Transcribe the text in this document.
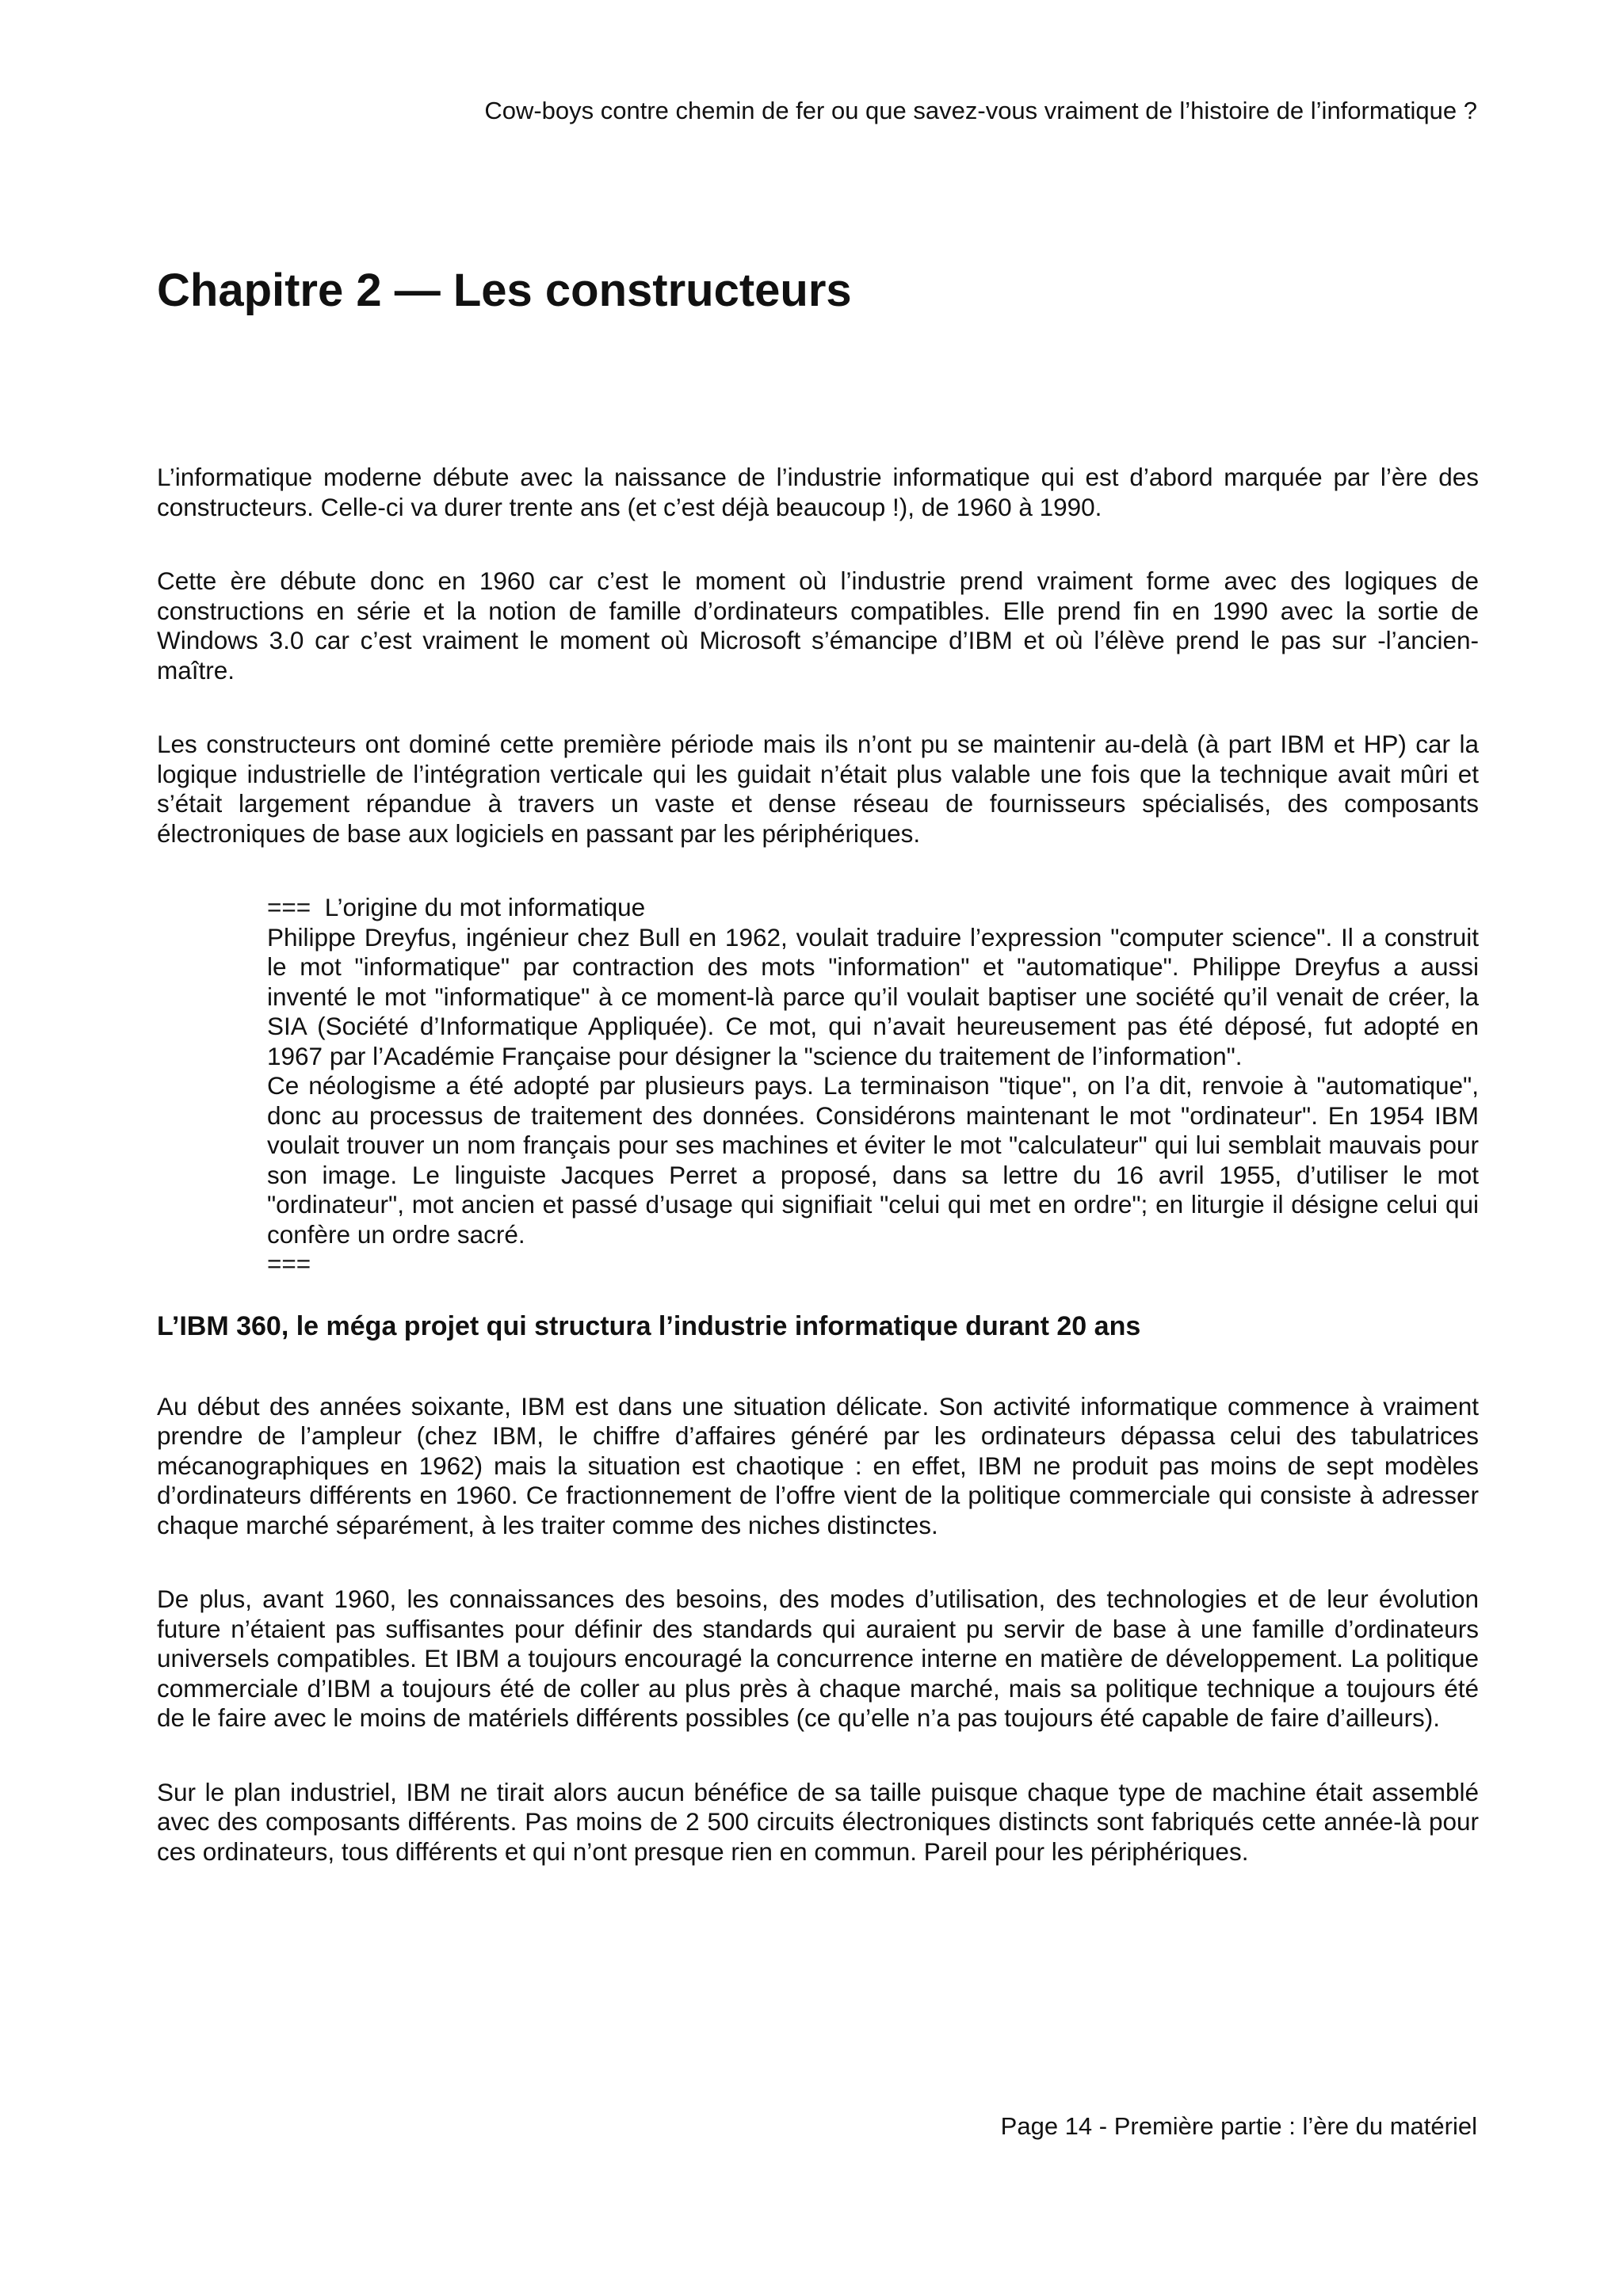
Cow-boys contre chemin de fer ou que savez-vous vraiment de l’histoire de l’informatique ?
Chapitre 2 — Les constructeurs

L’informatique moderne débute avec la naissance de l’industrie informatique qui est d’abord marquée par l’ère des constructeurs. Celle-ci va durer trente ans (et c’est déjà beaucoup !), de 1960 à 1990.

Cette ère débute donc en 1960 car c’est le moment où l’industrie prend vraiment forme avec des logiques de constructions en série et la notion de famille d’ordinateurs compatibles. Elle prend fin en 1990 avec la sortie de Windows 3.0 car c’est vraiment le moment où Microsoft s’émancipe d’IBM et où l’élève prend le pas sur -l’ancien- maître.

Les constructeurs ont dominé cette première période mais ils n’ont pu se maintenir au-delà (à part IBM et HP) car la logique industrielle de l’intégration verticale qui les guidait n’était plus valable une fois que la technique avait mûri et s’était largement répandue à travers un vaste et dense réseau de fournisseurs spécialisés, des composants électroniques de base aux logiciels en passant par les périphériques.

===  L’origine du mot informatique
Philippe Dreyfus, ingénieur chez Bull en 1962, voulait traduire l’expression "computer science". Il a construit le mot "informatique" par contraction des mots "information" et "automatique". Philippe Dreyfus a aussi inventé le mot "informatique" à ce moment-là parce qu’il voulait baptiser une société qu’il venait de créer, la SIA (Société d’Informatique Appliquée). Ce mot, qui n’avait heureusement pas été déposé, fut adopté en 1967 par l’Académie Française pour désigner la "science du traitement de l’information".
Ce néologisme a été adopté par plusieurs pays. La terminaison "tique", on l’a dit, renvoie à "automatique", donc au processus de traitement des données. Considérons maintenant le mot "ordinateur". En 1954 IBM voulait trouver un nom français pour ses machines et éviter le mot "calculateur" qui lui semblait mauvais pour son image. Le linguiste Jacques Perret a proposé, dans sa lettre du 16 avril 1955, d’utiliser le mot "ordinateur", mot ancien et passé d’usage qui signifiait "celui qui met en ordre"; en liturgie il désigne celui qui confère un ordre sacré.
===
L’IBM 360, le méga projet qui structura l’industrie informatique durant 20 ans

Au début des années soixante, IBM est dans une situation délicate. Son activité informatique commence à vraiment prendre de l’ampleur (chez IBM, le chiffre d’affaires généré par les ordinateurs dépassa celui des tabulatrices mécanographiques en 1962) mais la situation est chaotique : en effet, IBM ne produit pas moins de sept modèles d’ordinateurs différents en 1960. Ce fractionnement de l’offre vient de la politique commerciale qui consiste à adresser chaque marché séparément, à les traiter comme des niches distinctes.

De plus, avant 1960, les connaissances des besoins, des modes d’utilisation, des technologies et de leur évolution future n’étaient pas suffisantes pour définir des standards qui auraient pu servir de base à une famille d’ordinateurs universels compatibles. Et IBM a toujours encouragé la concurrence interne en matière de développement. La politique commerciale d’IBM a toujours été de coller au plus près à chaque marché, mais sa politique technique a toujours été de le faire avec le moins de matériels différents possibles (ce qu’elle n’a pas toujours été capable de faire d’ailleurs).

Sur le plan industriel, IBM ne tirait alors aucun bénéfice de sa taille puisque chaque type de machine était assemblé avec des composants différents. Pas moins de 2 500 circuits électroniques distincts sont fabriqués cette année-là pour ces ordinateurs, tous différents et qui n’ont presque rien en commun. Pareil pour les périphériques.

Page 14 - Première partie : l’ère du matériel
